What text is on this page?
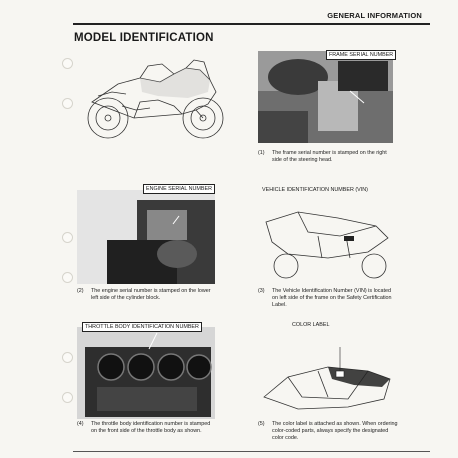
GENERAL INFORMATION
MODEL IDENTIFICATION
FRAME SERIAL NUMBER
(1)	The frame serial number is stamped on the right side of the steering head.
ENGINE SERIAL NUMBER
(2)	The engine serial number is stamped on the lower left side of the cylinder block.
VEHICLE IDENTIFICATION NUMBER (VIN)
(3)	The Vehicle Identification Number (VIN) is located on left side of the frame on the Safety Certification Label.
THROTTLE BODY IDENTIFICATION NUMBER
(4)	The throttle body identification number is stamped on the front side of the throttle body as shown.
COLOR LABEL
(5)	The color label is attached as shown. When ordering color-coded parts, always specify the designated color code.
